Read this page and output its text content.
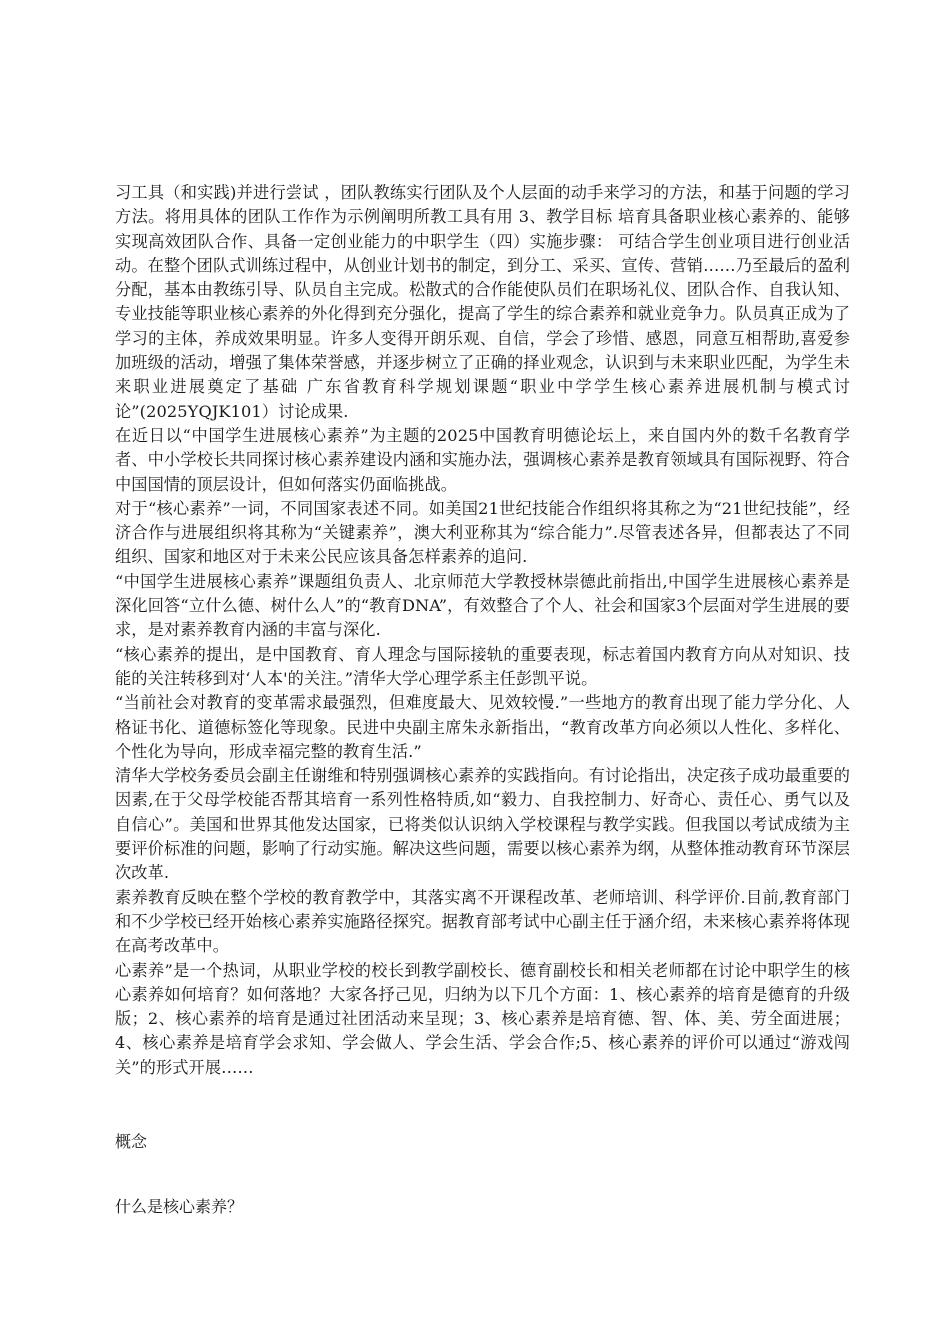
习工具（和实践)并进行尝试 ，团队教练实行团队及个人层面的动手来学习的方法，和基于问题的学习方法。将用具体的团队工作作为示例阐明所教工具有用 3、教学目标 培育具备职业核心素养的、能够实现高效团队合作、具备一定创业能力的中职学生（四）实施步骤： 可结合学生创业项目进行创业活动。在整个团队式训练过程中，从创业计划书的制定，到分工、采买、宣传、营销……乃至最后的盈利分配，基本由教练引导、队员自主完成。松散式的合作能使队员们在职场礼仪、团队合作、自我认知、专业技能等职业核心素养的外化得到充分强化，提高了学生的综合素养和就业竞争力。队员真正成为了学习的主体，养成效果明显。许多人变得开朗乐观、自信，学会了珍惜、感恩，同意互相帮助,喜爱参加班级的活动，增强了集体荣誉感，并逐步树立了正确的择业观念，认识到与未来职业匹配，为学生未来职业进展奠定了基础 广东省教育科学规划课题“职业中学学生核心素养进展机制与模式讨论”(2025YQJK101）讨论成果.

在近日以“中国学生进展核心素养”为主题的2025中国教育明德论坛上，来自国内外的数千名教育学者、中小学校长共同探讨核心素养建设内涵和实施办法，强调核心素养是教育领域具有国际视野、符合中国国情的顶层设计，但如何落实仍面临挑战。

对于“核心素养”一词，不同国家表述不同。如美国21世纪技能合作组织将其称之为“21世纪技能”，经济合作与进展组织将其称为“关键素养”，澳大利亚称其为“综合能力”.尽管表述各异，但都表达了不同组织、国家和地区对于未来公民应该具备怎样素养的追问.

“中国学生进展核心素养”课题组负责人、北京师范大学教授林崇德此前指出,中国学生进展核心素养是深化回答“立什么德、树什么人”的“教育DNA”，有效整合了个人、社会和国家3个层面对学生进展的要求，是对素养教育内涵的丰富与深化.

“核心素养的提出，是中国教育、育人理念与国际接轨的重要表现，标志着国内教育方向从对知识、技能的关注转移到对‘人本'的关注。”清华大学心理学系主任彭凯平说。

“当前社会对教育的变革需求最强烈，但难度最大、见效较慢.”一些地方的教育出现了能力学分化、人格证书化、道德标签化等现象。民进中央副主席朱永新指出，“教育改革方向必须以人性化、多样化、个性化为导向，形成幸福完整的教育生活.”

清华大学校务委员会副主任谢维和特别强调核心素养的实践指向。有讨论指出，决定孩子成功最重要的因素,在于父母学校能否帮其培育一系列性格特质,如“毅力、自我控制力、好奇心、责任心、勇气以及自信心”。美国和世界其他发达国家，已将类似认识纳入学校课程与教学实践。但我国以考试成绩为主要评价标准的问题，影响了行动实施。解决这些问题，需要以核心素养为纲，从整体推动教育环节深层次改革.

素养教育反映在整个学校的教育教学中，其落实离不开课程改革、老师培训、科学评价.目前,教育部门和不少学校已经开始核心素养实施路径探究。据教育部考试中心副主任于涵介绍，未来核心素养将体现在高考改革中。

心素养”是一个热词，从职业学校的校长到教学副校长、德育副校长和相关老师都在讨论中职学生的核心素养如何培育？如何落地？大家各抒己见，归纳为以下几个方面：1、核心素养的培育是德育的升级版；2、核心素养的培育是通过社团活动来呈现；3、核心素养是培育德、智、体、美、劳全面进展；4、核心素养是培育学会求知、学会做人、学会生活、学会合作;5、核心素养的评价可以通过“游戏闯关”的形式开展……

概念
什么是核心素养？
